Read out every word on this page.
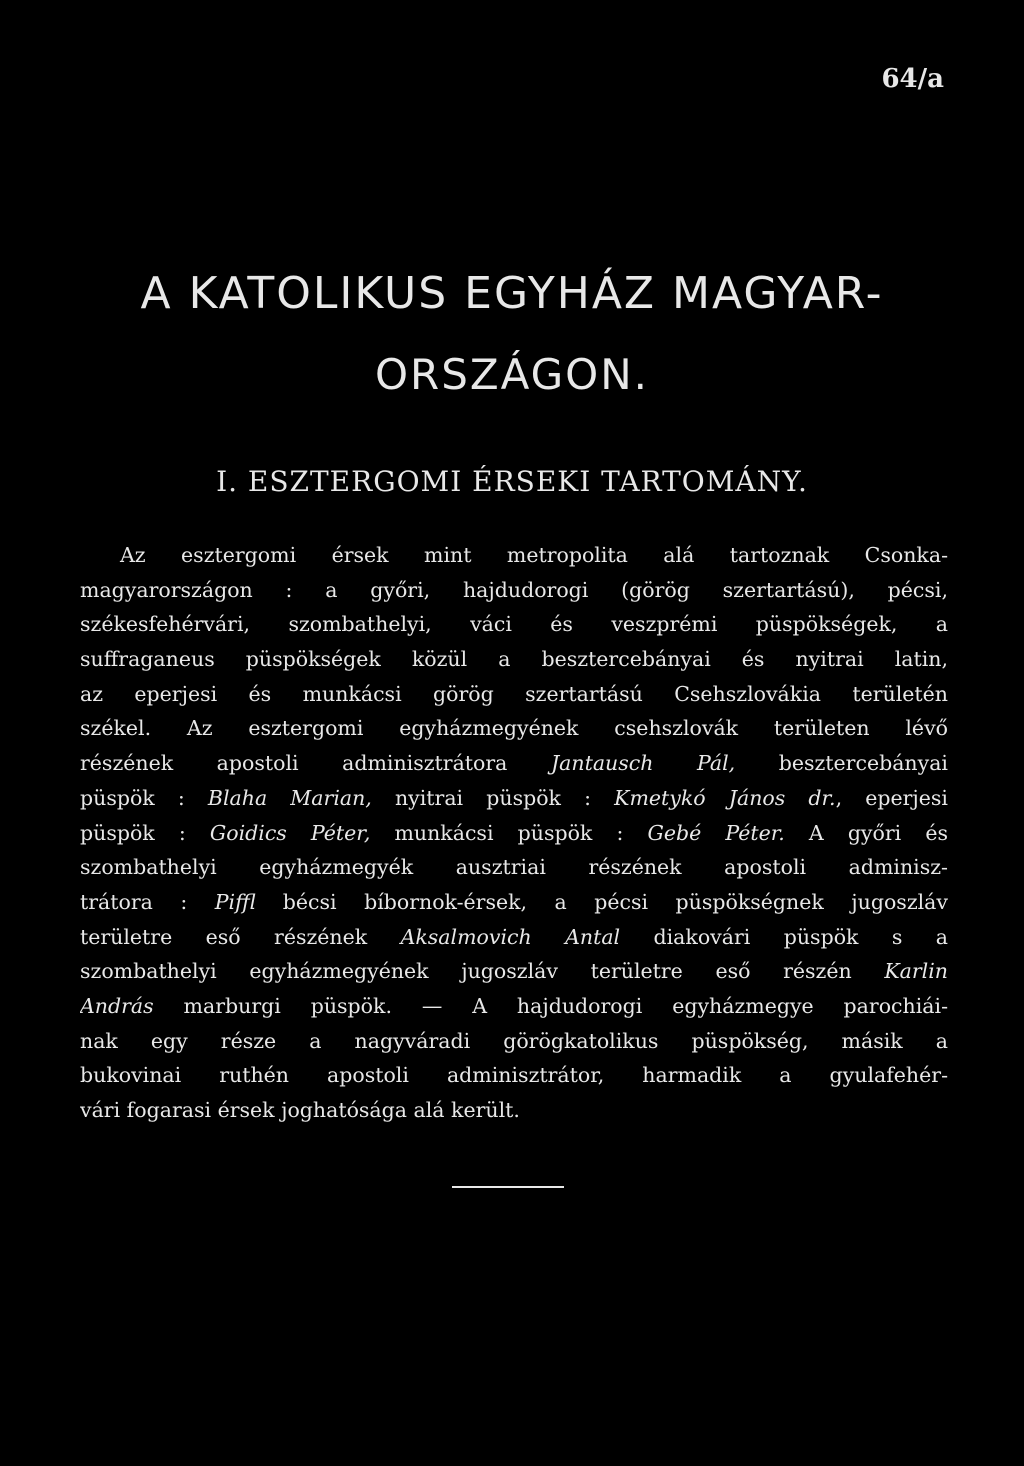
64/a
A KATOLIKUS EGYHÁZ MAGYAR-
ORSZÁGON.
I. ESZTERGOMI ÉRSEKI TARTOMÁNY.
Az esztergomi érsek mint metropolita alá tartoznak Csonka-
magyarországon : a győri, hajdudorogi (görög szertartású), pécsi,
székesfehérvári, szombathelyi, váci és veszprémi püspökségek, a
suffraganeus püspökségek közül a besztercebányai és nyitrai latin,
az eperjesi és munkácsi görög szertartású Csehszlovákia területén
székel. Az esztergomi egyházmegyének csehszlovák területen lévő
részének apostoli adminisztrátora Jantausch Pál, besztercebányai
püspök : Blaha Marian, nyitrai püspök : Kmetykó János dr., eperjesi
püspök : Goidics Péter, munkácsi püspök : Gebé Péter. A győri és
szombathelyi egyházmegyék ausztriai részének apostoli adminisz-
trátora : Piffl bécsi bíbornok-érsek, a pécsi püspökségnek jugoszláv
területre eső részének Aksalmovich Antal diakovári püspök s a
szombathelyi egyházmegyének jugoszláv területre eső részén Karlin
András marburgi püspök. — A hajdudorogi egyházmegye parochiái-
nak egy része a nagyváradi görögkatolikus püspökség, másik a
bukovinai ruthén apostoli adminisztrátor, harmadik a gyulafehér-
vári fogarasi érsek joghatósága alá került.
